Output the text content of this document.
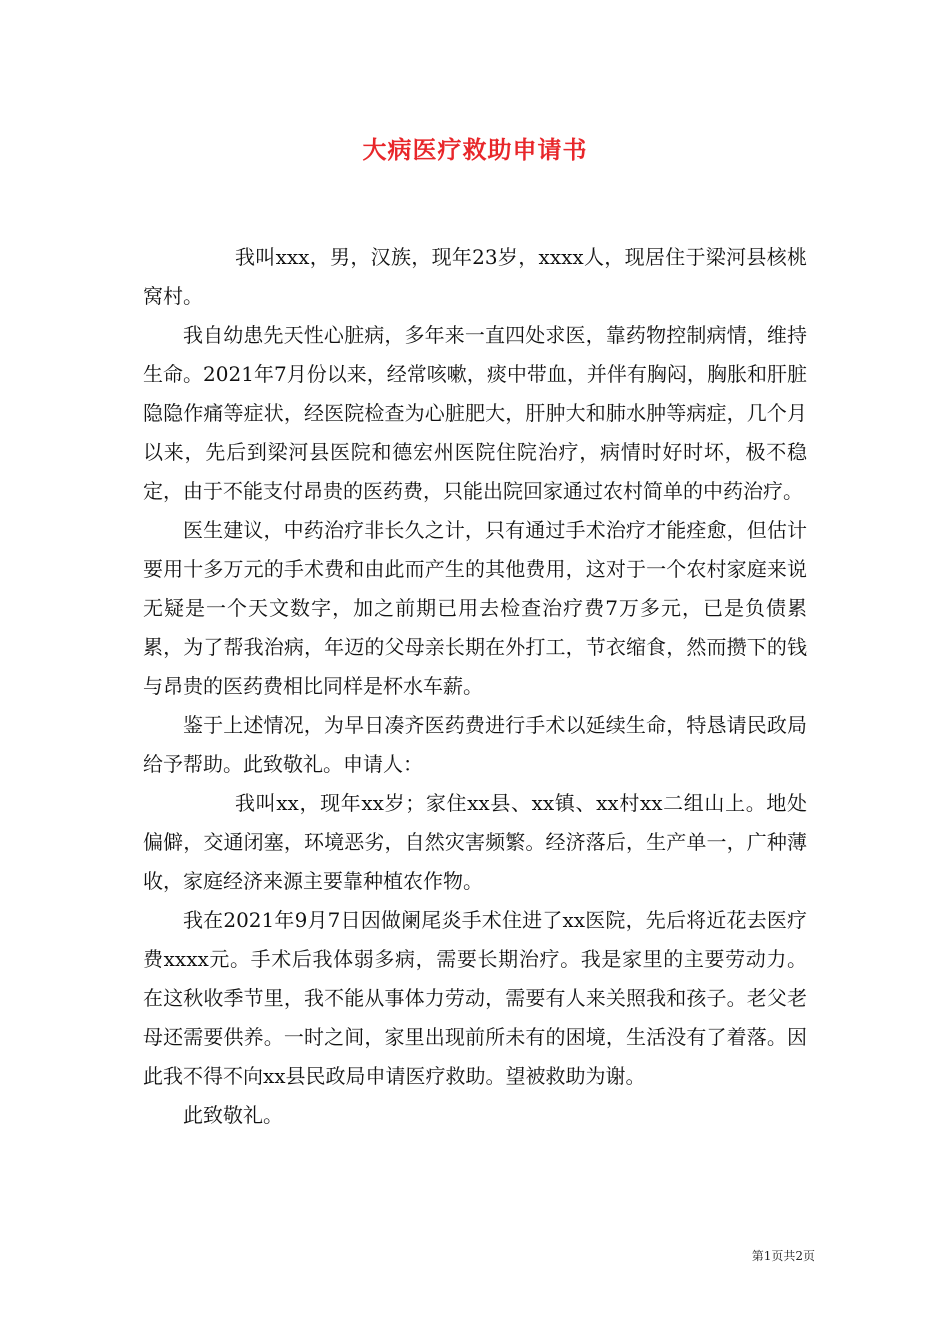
大病医疗救助申请书

我叫xxx，男，汉族，现年23岁，xxxx人，现居住于梁河县核桃窝村。

我自幼患先天性心脏病，多年来一直四处求医，靠药物控制病情，维持生命。2021年7月份以来，经常咳嗽，痰中带血，并伴有胸闷，胸胀和肝脏隐隐作痛等症状，经医院检查为心脏肥大，肝肿大和肺水肿等病症，几个月以来，先后到梁河县医院和德宏州医院住院治疗，病情时好时坏，极不稳定，由于不能支付昂贵的医药费，只能出院回家通过农村简单的中药治疗。

医生建议，中药治疗非长久之计，只有通过手术治疗才能痊愈，但估计要用十多万元的手术费和由此而产生的其他费用，这对于一个农村家庭来说无疑是一个天文数字，加之前期已用去检查治疗费7万多元，已是负债累累，为了帮我治病，年迈的父母亲长期在外打工，节衣缩食，然而攒下的钱与昂贵的医药费相比同样是杯水车薪。

鉴于上述情况，为早日凑齐医药费进行手术以延续生命，特恳请民政局给予帮助。此致敬礼。申请人：

我叫xx，现年xx岁；家住xx县、xx镇、xx村xx二组山上。地处偏僻，交通闭塞，环境恶劣，自然灾害频繁。经济落后，生产单一，广种薄收，家庭经济来源主要靠种植农作物。

我在2021年9月7日因做阑尾炎手术住进了xx医院，先后将近花去医疗费xxxx元。手术后我体弱多病，需要长期治疗。我是家里的主要劳动力。在这秋收季节里，我不能从事体力劳动，需要有人来关照我和孩子。老父老母还需要供养。一时之间，家里出现前所未有的困境，生活没有了着落。因此我不得不向xx县民政局申请医疗救助。望被救助为谢。

此致敬礼。

第1页共2页
